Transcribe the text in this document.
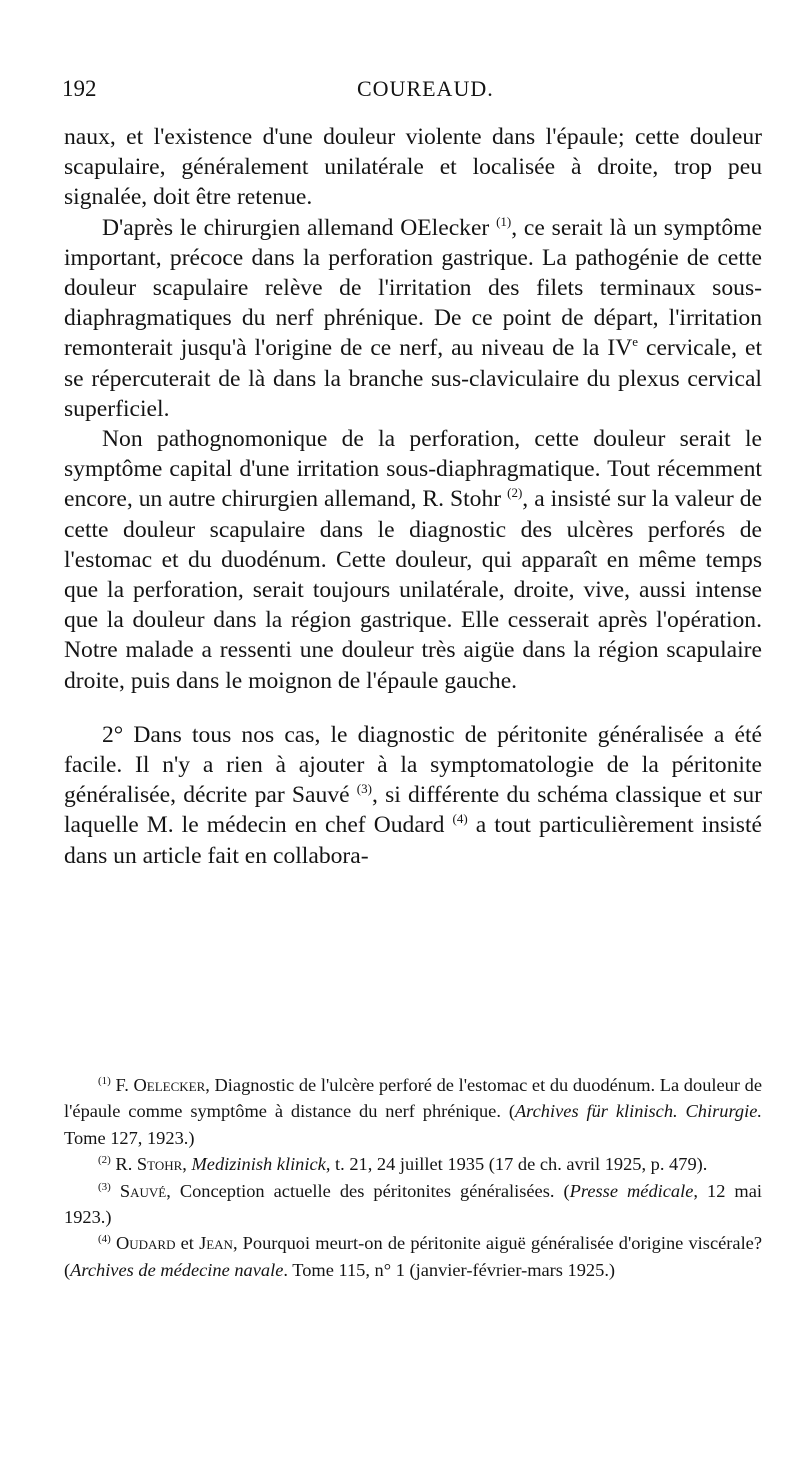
192	COUREAUD.

naux, et l'existence d'une douleur violente dans l'épaule; cette douleur scapulaire, généralement unilatérale et localisée à droite, trop peu signalée, doit être retenue.

D'après le chirurgien allemand OElecker $^{(1)}$, ce serait là un symptôme important, précoce dans la perforation gastrique. La pathogénie de cette douleur scapulaire relève de l'irritation des filets terminaux sous-diaphragmatiques du nerf phrénique. De ce point de départ, l'irritation remonterait jusqu'à l'origine de ce nerf, au niveau de la IVe cervicale, et se répercuterait de là dans la branche sus-claviculaire du plexus cervical superficiel.

Non pathognomonique de la perforation, cette douleur serait le symptôme capital d'une irritation sous-diaphragmatique. Tout récemment encore, un autre chirurgien allemand, R. Stohr $^{(2)}$, a insisté sur la valeur de cette douleur scapulaire dans le diagnostic des ulcères perforés de l'estomac et du duodénum. Cette douleur, qui apparaît en même temps que la perforation, serait toujours unilatérale, droite, vive, aussi intense que la douleur dans la région gastrique. Elle cesserait après l'opération. Notre malade a ressenti une douleur très aigüe dans la région scapulaire droite, puis dans le moignon de l'épaule gauche.

2° Dans tous nos cas, le diagnostic de péritonite généralisée a été facile. Il n'y a rien à ajouter à la symptomatologie de la péritonite généralisée, décrite par Sauvé $^{(3)}$, si différente du schéma classique et sur laquelle M. le médecin en chef Oudard $^{(4)}$ a tout particulièrement insisté dans un article fait en collabora-

$^{(1)}$ F. Oelecker, Diagnostic de l'ulcère perforé de l'estomac et du duodénum. La douleur de l'épaule comme symptôme à distance du nerf phrénique. (Archives für klinisch. Chirurgie. Tome 127, 1923.)

$^{(2)}$ R. Stohr, Medizinish klinick, t. 21, 24 juillet 1935 (17 de ch. avril 1925, p. 479).

$^{(3)}$ Sauvé, Conception actuelle des péritonites généralisées. (Presse médicale, 12 mai 1923.)

$^{(4)}$ Oudard et Jean, Pourquoi meurt-on de péritonite aiguë généralisée d'origine viscérale? (Archives de médecine navale. Tome 115, n° 1 (janvier-février-mars 1925.)
